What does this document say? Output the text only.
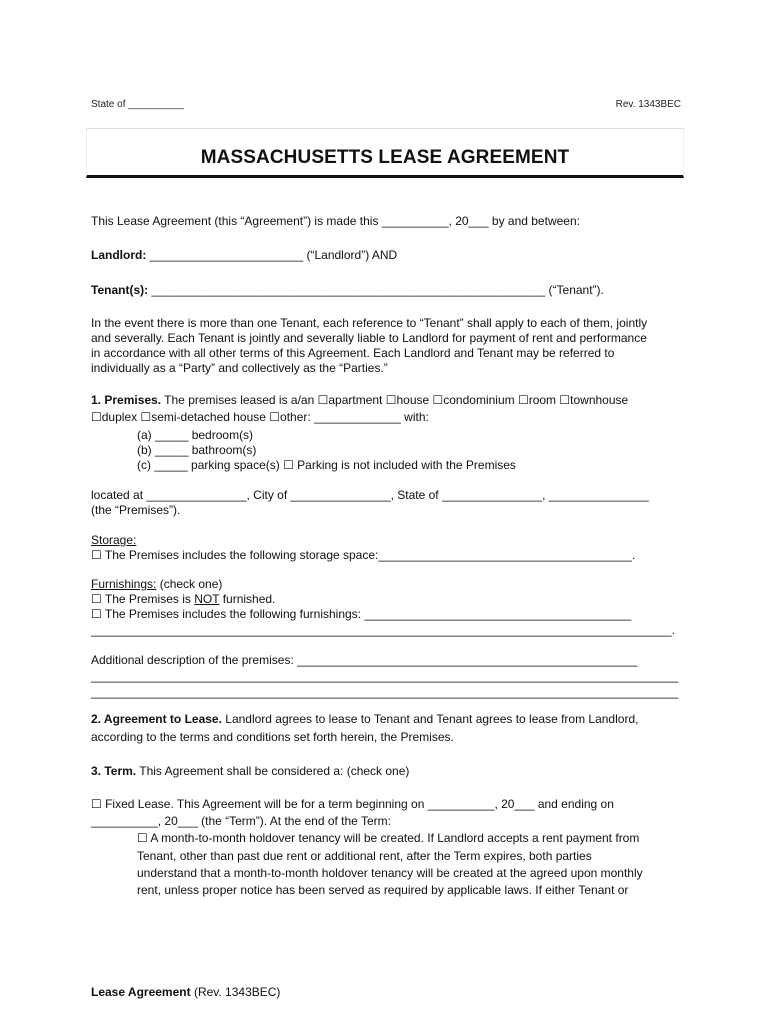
State of __________	Rev. 1343BEC
MASSACHUSETTS LEASE AGREEMENT
This Lease Agreement (this “Agreement”) is made this __________, 20___ by and between:
Landlord: _______________________ (“Landlord”) AND
Tenant(s): ___________________________________________________________ (“Tenant”).
In the event there is more than one Tenant, each reference to “Tenant” shall apply to each of them, jointly
and severally. Each Tenant is jointly and severally liable to Landlord for payment of rent and performance
in accordance with all other terms of this Agreement. Each Landlord and Tenant may be referred to
individually as a “Party” and collectively as the “Parties.”
1. Premises. The premises leased is a/an ☐apartment ☐house ☐condominium ☐room ☐townhouse
☐duplex ☐semi-detached house ☐other: _____________ with:
(a) _____ bedroom(s)
(b) _____ bathroom(s)
(c) _____ parking space(s) ☐ Parking is not included with the Premises
located at _______________, City of _______________, State of _______________, _______________
(the “Premises”).
Storage:
☐ The Premises includes the following storage space:______________________________________.
Furnishings: (check one)
☐ The Premises is NOT furnished.
☐ The Premises includes the following furnishings: ________________________________________
_______________________________________________________________________________________.
Additional description of the premises: ___________________________________________________
________________________________________________________________________________________
________________________________________________________________________________________
2. Agreement to Lease. Landlord agrees to lease to Tenant and Tenant agrees to lease from Landlord,
according to the terms and conditions set forth herein, the Premises.
3. Term. This Agreement shall be considered a: (check one)
☐ Fixed Lease. This Agreement will be for a term beginning on __________, 20___ and ending on
__________, 20___ (the “Term”). At the end of the Term:
☐ A month-to-month holdover tenancy will be created. If Landlord accepts a rent payment from
Tenant, other than past due rent or additional rent, after the Term expires, both parties
understand that a month-to-month holdover tenancy will be created at the agreed upon monthly
rent, unless proper notice has been served as required by applicable laws. If either Tenant or
Lease Agreement (Rev. 1343BEC)
